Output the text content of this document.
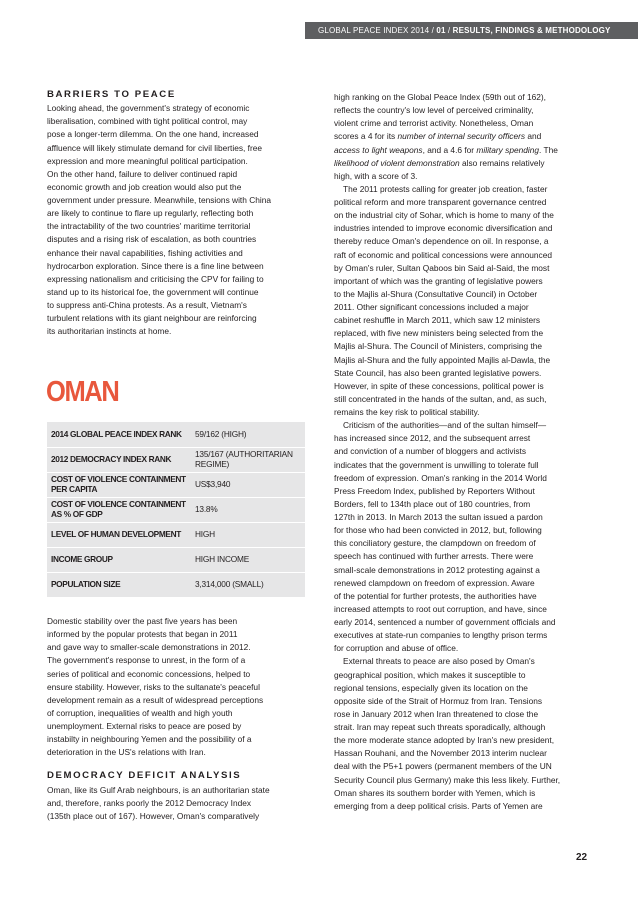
GLOBAL PEACE INDEX 2014 / 01 / RESULTS, FINDINGS & METHODOLOGY

BARRIERS TO PEACE

Looking ahead, the government's strategy of economic

liberalisation, combined with tight political control, may

pose a longer-term dilemma. On the one hand, increased

affluence will likely stimulate demand for civil liberties, free

expression and more meaningful political participation.

On the other hand, failure to deliver continued rapid

economic growth and job creation would also put the

government under pressure. Meanwhile, tensions with China

are likely to continue to flare up regularly, reflecting both

the intractability of the two countries' maritime territorial

disputes and a rising risk of escalation, as both countries

enhance their naval capabilities, fishing activities and

hydrocarbon exploration. Since there is a fine line between

expressing nationalism and criticising the CPV for failing to

stand up to its historical foe, the government will continue

to suppress anti-China protests. As a result, Vietnam's

turbulent relations with its giant neighbour are reinforcing

its authoritarian instincts at home.

OMAN
2014 GLOBAL PEACE INDEX RANK	59/162 (HIGH)

2012 DEMOCRACY INDEX RANK	135/167 (AUTHORITARIAN
REGIME)

COST OF VIOLENCE CONTAINMENT
PER CAPITA	US$3,940

COST OF VIOLENCE CONTAINMENT
AS % OF GDP	13.8%

LEVEL OF HUMAN DEVELOPMENT	HIGH

INCOME GROUP	HIGH INCOME

POPULATION SIZE	3,314,000 (SMALL)

Domestic stability over the past five years has been

informed by the popular protests that began in 2011

and gave way to smaller-scale demonstrations in 2012.

The government's response to unrest, in the form of a

series of political and economic concessions, helped to

ensure stability. However, risks to the sultanate's peaceful

development remain as a result of widespread perceptions

of corruption, inequalities of wealth and high youth

unemployment. External risks to peace are posed by

instabilty in neighbouring Yemen and the possibility of a

deterioration in the US's relations with Iran.

DEMOCRACY DEFICIT ANALYSIS

Oman, like its Gulf Arab neighbours, is an authoritarian state

and, therefore, ranks poorly the 2012 Democracy Index

(135th place out of 167). However, Oman's comparatively

high ranking on the Global Peace Index (59th out of 162),

reflects the country's low level of perceived criminality,

violent crime and terrorist activity. Nonetheless, Oman

scores a 4 for its number of internal security officers and

access to light weapons, and a 4.6 for military spending. The

likelihood of violent demonstration also remains relatively

high, with a score of 3.

The 2011 protests calling for greater job creation, faster

political reform and more transparent governance centred

on the industrial city of Sohar, which is home to many of the

industries intended to improve economic diversification and

thereby reduce Oman's dependence on oil. In response, a

raft of economic and political concessions were announced

by Oman's ruler, Sultan Qaboos bin Said al-Said, the most

important of which was the granting of legislative powers

to the Majlis al-Shura (Consultative Council) in October

2011. Other significant concessions included a major

cabinet reshuffle in March 2011, which saw 12 ministers

replaced, with five new ministers being selected from the

Majlis al-Shura. The Council of Ministers, comprising the

Majlis al-Shura and the fully appointed Majlis al-Dawla, the

State Council, has also been granted legislative powers.

However, in spite of these concessions, political power is

still concentrated in the hands of the sultan, and, as such,

remains the key risk to political stability.

Criticism of the authorities—and of the sultan himself—

has increased since 2012, and the subsequent arrest

and conviction of a number of bloggers and activists

indicates that the government is unwilling to tolerate full

freedom of expression. Oman's ranking in the 2014 World

Press Freedom Index, published by Reporters Without

Borders, fell to 134th place out of 180 countries, from

127th in 2013. In March 2013 the sultan issued a pardon

for those who had been convicted in 2012, but, following

this conciliatory gesture, the clampdown on freedom of

speech has continued with further arrests. There were

small-scale demonstrations in 2012 protesting against a

renewed clampdown on freedom of expression. Aware

of the potential for further protests, the authorities have

increased attempts to root out corruption, and have, since

early 2014, sentenced a number of government officials and

executives at state-run companies to lengthy prison terms

for corruption and abuse of office.

External threats to peace are also posed by Oman's

geographical position, which makes it susceptible to

regional tensions, especially given its location on the

opposite side of the Strait of Hormuz from Iran. Tensions

rose in January 2012 when Iran threatened to close the

strait. Iran may repeat such threats sporadically, although

the more moderate stance adopted by Iran's new president,

Hassan Rouhani, and the November 2013 interim nuclear

deal with the P5+1 powers (permanent members of the UN

Security Council plus Germany) make this less likely. Further,

Oman shares its southern border with Yemen, which is

emerging from a deep political crisis. Parts of Yemen are

22
